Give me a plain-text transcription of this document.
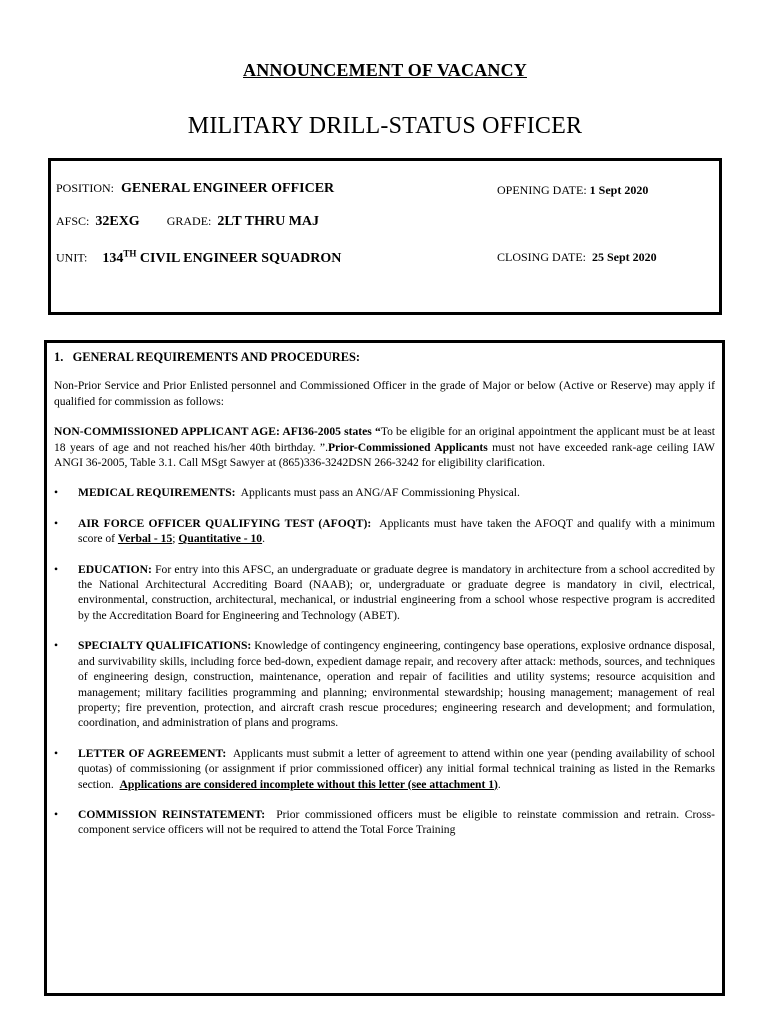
ANNOUNCEMENT OF VACANCY
MILITARY DRILL-STATUS OFFICER
POSITION: GENERAL ENGINEER OFFICER	OPENING DATE: 1 Sept 2020
AFSC: 32EXG GRADE: 2LT THRU MAJ
UNIT: 134TH CIVIL ENGINEER SQUADRON	CLOSING DATE: 25 Sept 2020
1.   GENERAL REQUIREMENTS AND PROCEDURES:

Non-Prior Service and Prior Enlisted personnel and Commissioned Officer in the grade of Major or below (Active or Reserve) may apply if qualified for commission as follows:

NON-COMMISSIONED APPLICANT AGE: AFI36-2005 states “To be eligible for an original appointment the applicant must be at least 18 years of age and not reached his/her 40th birthday. ”.Prior-Commissioned Applicants must not have exceeded rank-age ceiling IAW ANGI 36-2005, Table 3.1. Call MSgt Sawyer at (865)336-3242DSN 266-3242 for eligibility clarification.

• MEDICAL REQUIREMENTS:  Applicants must pass an ANG/AF Commissioning Physical.
• AIR FORCE OFFICER QUALIFYING TEST (AFOQT):  Applicants must have taken the AFOQT and qualify with a minimum score of Verbal - 15; Quantitative - 10.
• EDUCATION: For entry into this AFSC, an undergraduate or graduate degree is mandatory in architecture from a school accredited by the National Architectural Accrediting Board (NAAB); or, undergraduate or graduate degree is mandatory in civil, electrical, environmental, construction, architectural, mechanical, or industrial engineering from a school whose respective program is accredited by the Accreditation Board for Engineering and Technology (ABET).
• SPECIALTY QUALIFICATIONS: Knowledge of contingency engineering, contingency base operations, explosive ordnance disposal, and survivability skills, including force bed-down, expedient damage repair, and recovery after attack: methods, sources, and techniques of engineering design, construction, maintenance, operation and repair of facilities and utility systems; resource acquisition and management; military facilities programming and planning; environmental stewardship; housing management; management of real property; fire prevention, protection, and aircraft crash rescue procedures; engineering research and development; and formulation, coordination, and administration of plans and programs.
• LETTER OF AGREEMENT:  Applicants must submit a letter of agreement to attend within one year (pending availability of school quotas) of commissioning (or assignment if prior commissioned officer) any initial formal technical training as listed in the Remarks section.  Applications are considered incomplete without this letter (see attachment 1).
• COMMISSION REINSTATEMENT:  Prior commissioned officers must be eligible to reinstate commission and retrain. Cross-component service officers will not be required to attend the Total Force Training
